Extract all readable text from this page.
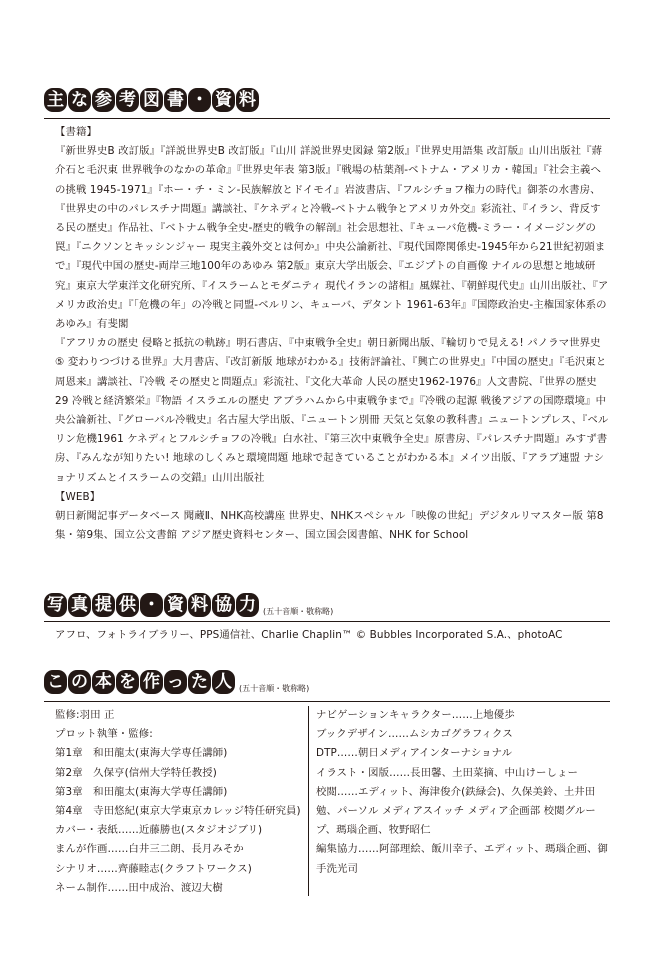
主 な 参 考 図 書 ・ 資 料

【書籍】

『新世界史B 改訂版』『詳説世界史B 改訂版』『山川 詳説世界史図録 第2版』『世界史用語集 改訂版』山川出版社『蔣介石と毛沢東 世界戦争のなかの革命』『世界史年表 第3版』『戦場の枯葉剤-ベトナム・アメリカ・韓国』『社会主義への挑戦 1945-1971』『ホー・チ・ミン-民族解放とドイモイ』岩波書店、『フルシチョフ権力の時代』御茶の水書房、『世界史の中のパレスチナ問題』講談社、『ケネディと冷戦-ベトナム戦争とアメリカ外交』彩流社、『イラン、背反する民の歴史』作品社、『ベトナム戦争全史-歴史的戦争の解剖』社会思想社、『キューバ危機-ミラー・イメージングの罠』『ニクソンとキッシンジャー 現実主義外交とは何か』中央公論新社、『現代国際関係史-1945年から21世紀初頭まで』『現代中国の歴史-両岸三地100年のあゆみ 第2版』東京大学出版会、『エジプトの自画像 ナイルの思想と地域研究』東京大学東洋文化研究所、『イスラームとモダニティ 現代イランの諸相』風媒社、『朝鮮現代史』山川出版社、『アメリカ政治史』『「危機の年」の冷戦と同盟-ベルリン、キューバ、デタント 1961-63年』『国際政治史-主権国家体系のあゆみ』有斐閣

『アフリカの歴史 侵略と抵抗の軌跡』明石書店、『中東戦争全史』朝日新聞出版、『輪切りで見える! パノラマ世界史⑤ 変わりつづける世界』大月書店、『改訂新版 地球がわかる』技術評論社、『興亡の世界史』『中国の歴史』『毛沢東と周恩来』講談社、『冷戦 その歴史と問題点』彩流社、『文化大革命 人民の歴史1962-1976』人文書院、『世界の歴史29 冷戦と経済繁栄』『物語 イスラエルの歴史 アブラハムから中東戦争まで』『冷戦の起源 戦後アジアの国際環境』中央公論新社、『グローバル冷戦史』名古屋大学出版、『ニュートン別冊 天気と気象の教科書』ニュートンプレス、『ベルリン危機1961 ケネディとフルシチョフの冷戦』白水社、『第三次中東戦争全史』原書房、『パレスチナ問題』みすず書房、『みんなが知りたい! 地球のしくみと環境問題 地球で起きていることがわかる本』メイツ出版、『アラブ連盟 ナショナリズムとイスラームの交錯』山川出版社

【WEB】

朝日新聞記事データベース 聞蔵Ⅱ、NHK高校講座 世界史、NHKスペシャル「映像の世紀」デジタルリマスター版 第8集・第9集、国立公文書館 アジア歴史資料センター、国立国会図書館、NHK for School

写 真 提 供 ・ 資 料 協 力 (五十音順・敬称略)

アフロ、フォトライブラリー、PPS通信社、Charlie Chaplin™ © Bubbles Incorporated S.A.、photoAC

こ の 本 を 作 っ た 人 (五十音順・敬称略)
監修:羽田 正
プロット執筆・監修:
第1章　和田龍太(東海大学専任講師)
第2章　久保亨(信州大学特任教授)
第3章　和田龍太(東海大学専任講師)
第4章　寺田悠紀(東京大学東京カレッジ特任研究員)
カバー・表紙……近藤勝也(スタジオジブリ)
まんが作画……白井三二朗、長月みそか
シナリオ……齊藤睦志(クラフトワークス)
ネーム制作……田中成治、渡辺大樹

ナビゲーションキャラクター……上地優歩

ブックデザイン……ムシカゴグラフィクス

DTP……朝日メディアインターナショナル

イラスト・図版……長田馨、土田菜摘、中山けーしょー

校閲……エディット、海津俊介(鉄緑会)、久保美鈴、土井田勉、パーソル メディアスイッチ メディア企画部 校閲グループ、瑪瑙企画、牧野昭仁

編集協力……阿部理絵、飯川幸子、エディット、瑪瑙企画、御手洗光司
